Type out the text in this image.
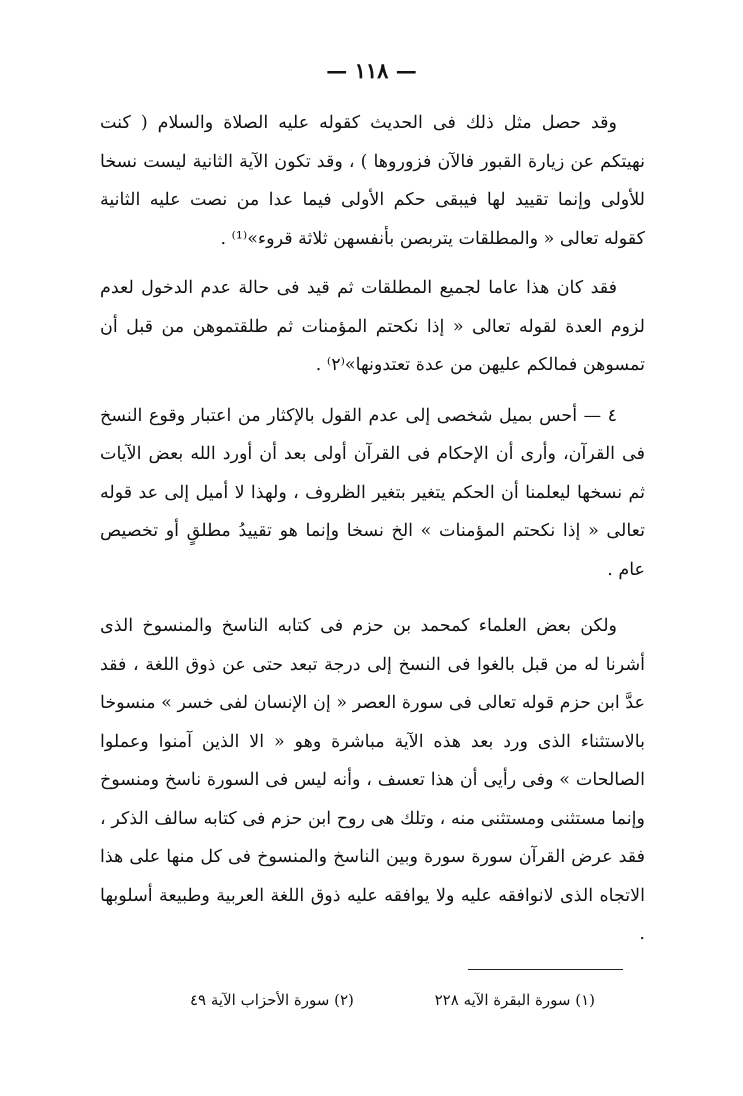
— ١١٨ —

وقد حصل مثل ذلك فى الحديث كقوله عليه الصلاة والسلام ( كنت نهيتكم عن زيارة القبور فالآن فزوروها ) ، وقد تكون الآية الثانية ليست نسخا للأولى وإنما تقييد لها فيبقى حكم الأولى فيما عدا من نصت عليه الثانية كقوله تعالى « والمطلقات يتربصن بأنفسهن ثلاثة قروء»⁽¹⁾ .

فقد كان هذا عاما لجميع المطلقات ثم قيد فى حالة عدم الدخول لعدم لزوم العدة لقوله تعالى « إذا نكحتم المؤمنات ثم طلقتموهن من قبل أن تمسوهن فمالكم عليهن من عدة تعتدونها»⁽٢⁾ .

٤ — أحس بميل شخصى إلى عدم القول بالإكثار من اعتبار وقوع النسخ فى القرآن، وأرى أن الإحكام فى القرآن أولى بعد أن أورد الله بعض الآيات ثم نسخها ليعلمنا أن الحكم يتغير بتغير الظروف ، ولهذا لا أميل إلى عد قوله تعالى « إذا نكحتم المؤمنات » الخ نسخا وإنما هو تقييدُ مطلقٍ أو تخصيص عام .

ولكن بعض العلماء كمحمد بن حزم فى كتابه الناسخ والمنسوخ الذى أشرنا له من قبل بالغوا فى النسخ إلى درجة تبعد حتى عن ذوق اللغة ، فقد عدَّ ابن حزم قوله تعالى فى سورة العصر « إن الإنسان لفى خسر » منسوخا بالاستثناء الذى ورد بعد هذه الآية مباشرة وهو « الا الذين آمنوا وعملوا الصالحات » وفى رأيى أن هذا تعسف ، وأنه ليس فى السورة ناسخ ومنسوخ وإنما مستثنى ومستثنى منه ، وتلك هى روح ابن حزم فى كتابه سالف الذكر ، فقد عرض القرآن سورة سورة وبين الناسخ والمنسوخ فى كل منها على هذا الاتجاه الذى لانوافقه عليه ولا يوافقه عليه ذوق اللغة العربية وطبيعة أسلوبها .

(١) سورة البقرة الآيه ٢٢٨
(٢) سورة الأحزاب الآية ٤٩
